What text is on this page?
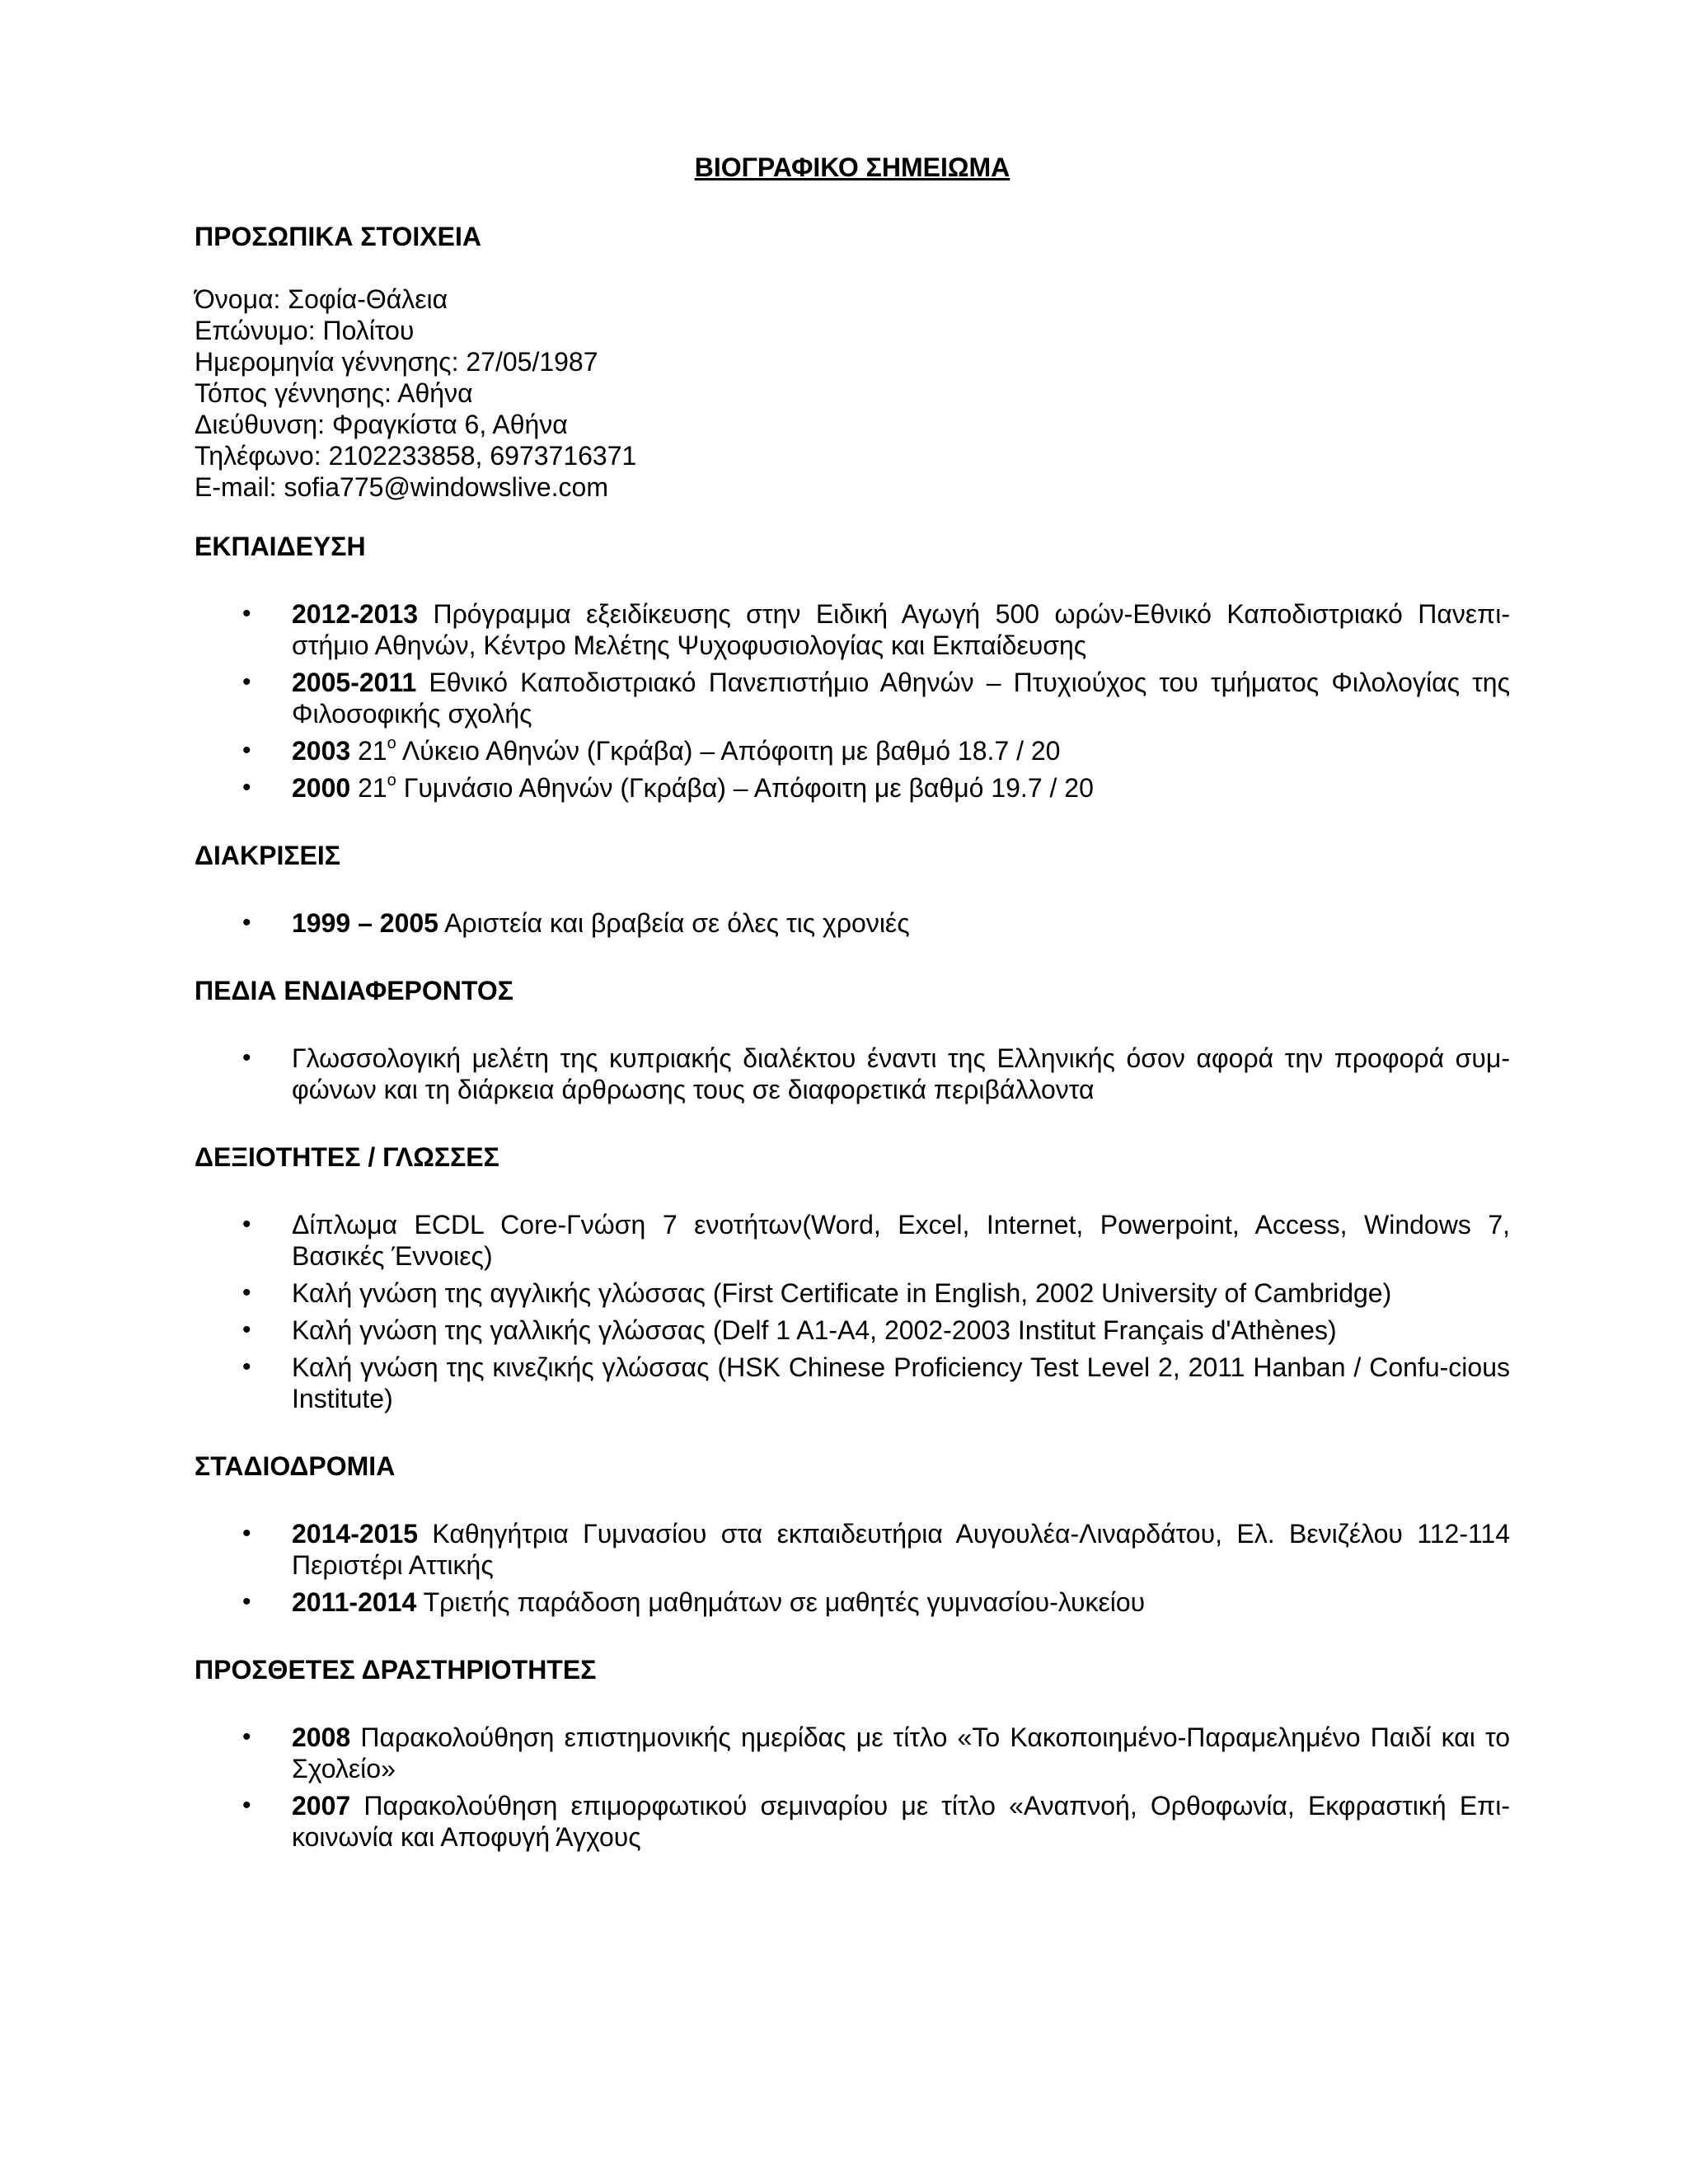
ΒΙΟΓΡΑΦΙΚΟ ΣΗΜΕΙΩΜΑ
ΠΡΟΣΩΠΙΚΑ ΣΤΟΙΧΕΙΑ
Όνομα: Σοφία-Θάλεια
Επώνυμο: Πολίτου
Ημερομηνία γέννησης: 27/05/1987
Τόπος γέννησης: Αθήνα
Διεύθυνση: Φραγκίστα 6, Αθήνα
Τηλέφωνο: 2102233858, 6973716371
E-mail: sofia775@windowslive.com
ΕΚΠΑΙΔΕΥΣΗ
• 2012-2013 Πρόγραμμα εξειδίκευσης στην Ειδική Αγωγή 500 ωρών-Εθνικό Καποδιστριακό Πανεπι-στήμιο Αθηνών, Κέντρο Μελέτης Ψυχοφυσιολογίας και Εκπαίδευσης
• 2005-2011 Εθνικό Καποδιστριακό Πανεπιστήμιο Αθηνών – Πτυχιούχος του τμήματος Φιλολογίας της Φιλοσοφικής σχολής
• 2003 $21^o$ Λύκειο Αθηνών (Γκράβα) – Απόφοιτη με βαθμό 18.7 / 20
• 2000 $21^o$ Γυμνάσιο Αθηνών (Γκράβα) – Απόφοιτη με βαθμό 19.7 / 20
ΔΙΑΚΡΙΣΕΙΣ
• 1999 – 2005 Αριστεία και βραβεία σε όλες τις χρονιές
ΠΕΔΙΑ ΕΝΔΙΑΦΕΡΟΝΤΟΣ
• Γλωσσολογική μελέτη της κυπριακής διαλέκτου έναντι της Ελληνικής όσον αφορά την προφορά συμ-φώνων και τη διάρκεια άρθρωσης τους σε διαφορετικά περιβάλλοντα
ΔΕΞΙΟΤΗΤΕΣ / ΓΛΩΣΣΕΣ
• Δίπλωμα ECDL Core-Γνώση 7 ενοτήτων(Word, Excel, Internet, Powerpoint, Access, Windows 7, Βασικές Έννοιες)
• Καλή γνώση της αγγλικής γλώσσας (First Certificate in English, 2002 University of Cambridge)
• Καλή γνώση της γαλλικής γλώσσας (Delf 1 A1-A4, 2002-2003 Institut Français d'Athènes)
• Καλή γνώση της κινεζικής γλώσσας (HSK Chinese Proficiency Test Level 2, 2011 Hanban / Confu-cious Institute)
ΣΤΑΔΙΟΔΡΟΜΙΑ
• 2014-2015 Καθηγήτρια Γυμνασίου στα εκπαιδευτήρια Αυγουλέα-Λιναρδάτου, Ελ. Βενιζέλου 112-114 Περιστέρι Αττικής
• 2011-2014 Τριετής παράδοση μαθημάτων σε μαθητές γυμνασίου-λυκείου
ΠΡΟΣΘΕΤΕΣ ΔΡΑΣΤΗΡΙΟΤΗΤΕΣ
• 2008 Παρακολούθηση επιστημονικής ημερίδας με τίτλο «Το Κακοποιημένο-Παραμελημένο Παιδί και το Σχολείο»
• 2007 Παρακολούθηση επιμορφωτικού σεμιναρίου με τίτλο «Αναπνοή, Ορθοφωνία, Εκφραστική Επι-κοινωνία και Αποφυγή Άγχους
